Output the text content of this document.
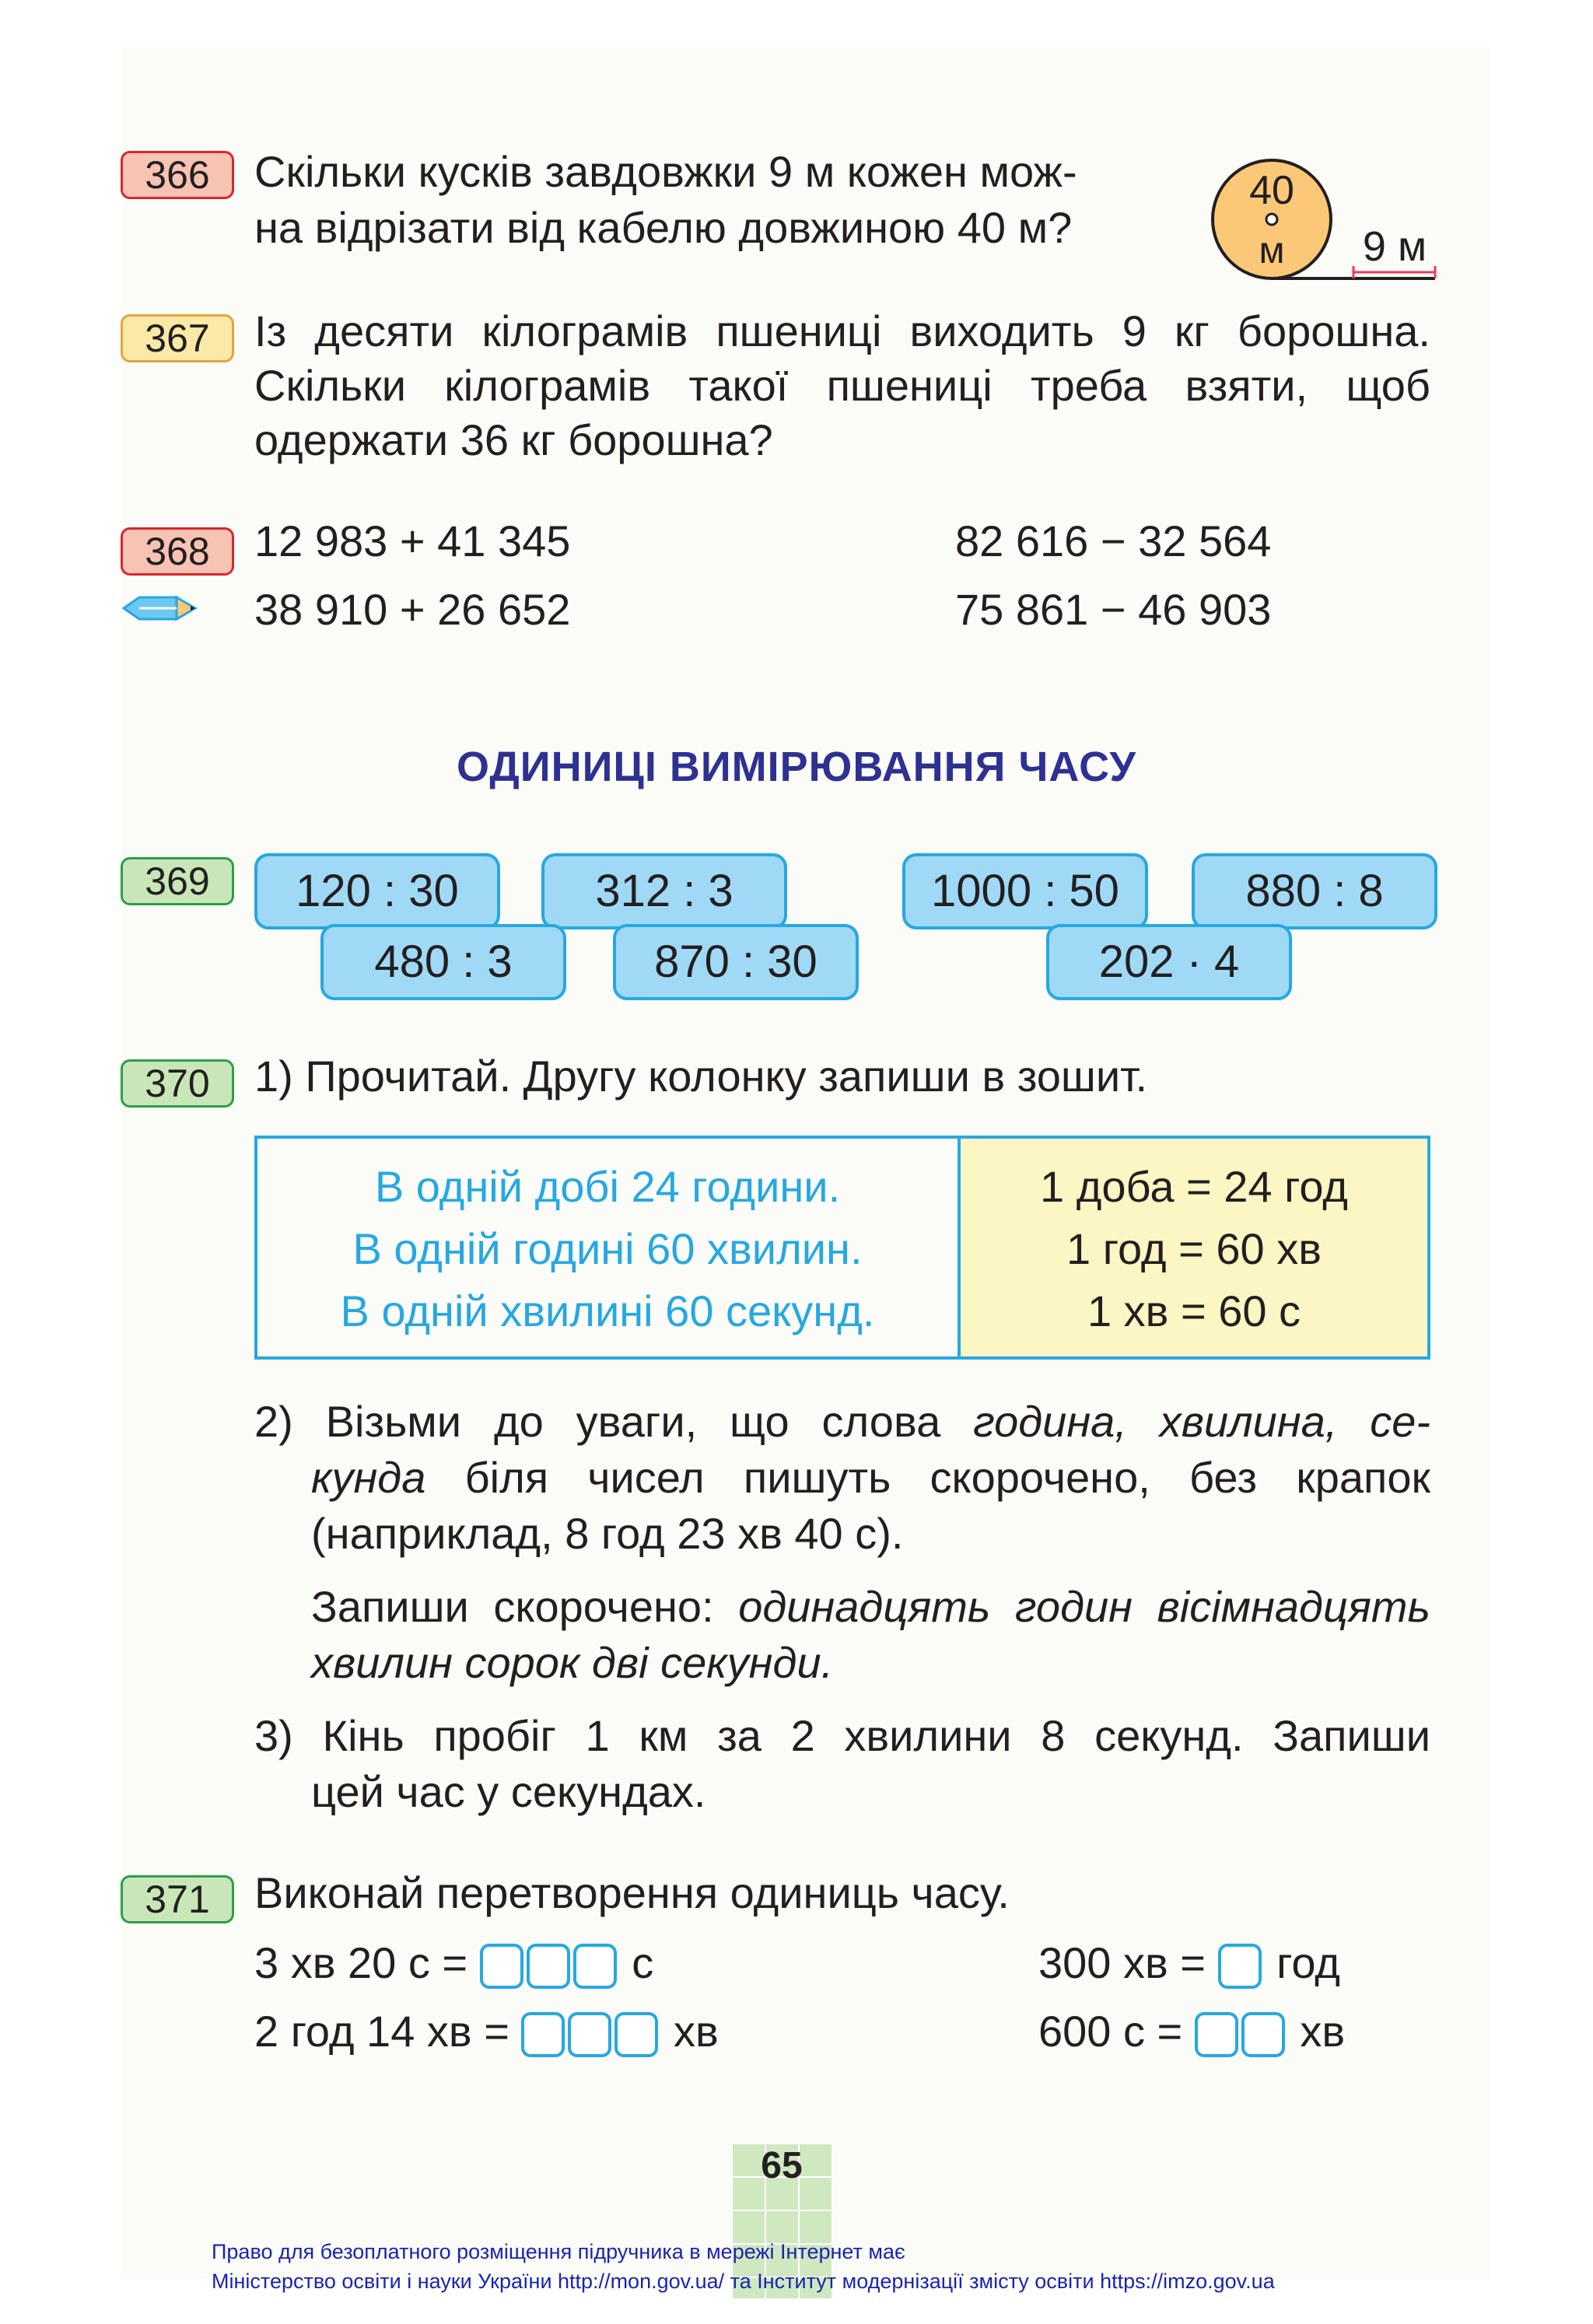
366	Скільки кусків завдовжки 9 м кожен мож-
на відрізати від кабелю довжиною 40 м?
40
м 9 м
367	Із десяти кілограмів пшениці виходить 9 кг борошна.
Скільки кілограмів такої пшениці треба взяти, щоб
одержати 36 кг борошна?
368	12 983 + 41 345	82 616 − 32 564
38 910 + 26 652	75 861 − 46 903
ОДИНИЦІ ВИМІРЮВАННЯ ЧАСУ
369	120 : 30	312 : 3	1000 : 50	880 : 8
480 : 3	870 : 30	202 · 4
370	1) Прочитай. Другу колонку запиши в зошит.
В одній добі 24 години.
В одній годині 60 хвилин.
В одній хвилині 60 секунд.
1 доба = 24 год
1 год = 60 хв
1 хв = 60 с
2) Візьми до уваги, що слова година, хвилина, се-
кунда біля чисел пишуть скорочено, без крапок
(наприклад, 8 год 23 хв 40 с).
Запиши скорочено: одинадцять годин вісімнадцять
хвилин сорок дві секунди.
3) Кінь пробіг 1 км за 2 хвилини 8 секунд. Запиши
цей час у секундах.
371	Виконай перетворення одиниць часу.
3 хв 20 с =	с	300 хв = год
2 год 14 хв =	хв	600 с =	хв
65
Право для безоплатного розміщення підручника в мережі Інтернет має
Міністерство освіти і науки України http://mon.gov.ua/ та Інститут модернізації змісту освіти https://imzo.gov.ua
